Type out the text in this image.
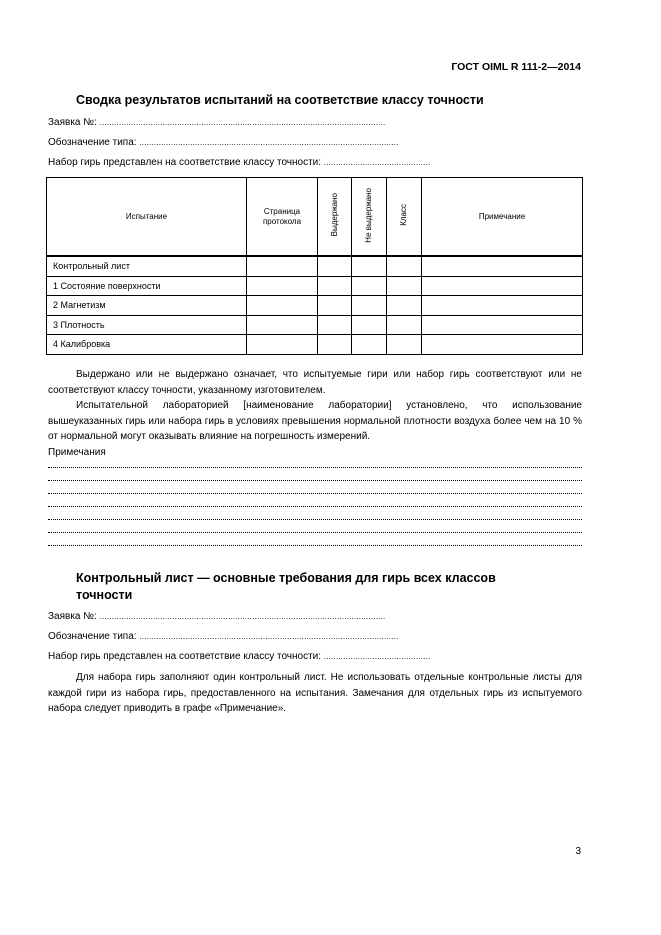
ГОСТ OIML R 111-2—2014
Сводка результатов испытаний на соответствие классу точности
Заявка №: ......................................................................................................................
Обозначение типа: ...........................................................................................................
Набор гирь представлен на соответствие классу точности: ............................................
Испытание	Страница протокола	Выдержано	Не выдержано	Класс	Примечание
Контрольный лист					
1 Состояние поверхности					
2 Магнетизм					
3 Плотность					
4 Калибровка					

Выдержано или не выдержано означает, что испытуемые гири или набор гирь соответствуют или не соответствуют классу точности, указанному изготовителем.

Испытательной лабораторией [наименование лаборатории] установлено, что использование вышеуказанных гирь или набора гирь в условиях превышения нормальной плотности воздуха более чем на 10 % от нормальной могут оказывать влияние на погрешность измерений.

Примечания
Контрольный лист — основные требования для гирь всех классов точности
Заявка №: ......................................................................................................................
Обозначение типа: ...........................................................................................................
Набор гирь представлен на соответствие классу точности: ............................................

Для набора гирь заполняют один контрольный лист. Не использовать отдельные контрольные листы для каждой гири из набора гирь, предоставленного на испытания. Замечания для отдельных гирь из испытуемого набора следует приводить в графе «Примечание».

3
